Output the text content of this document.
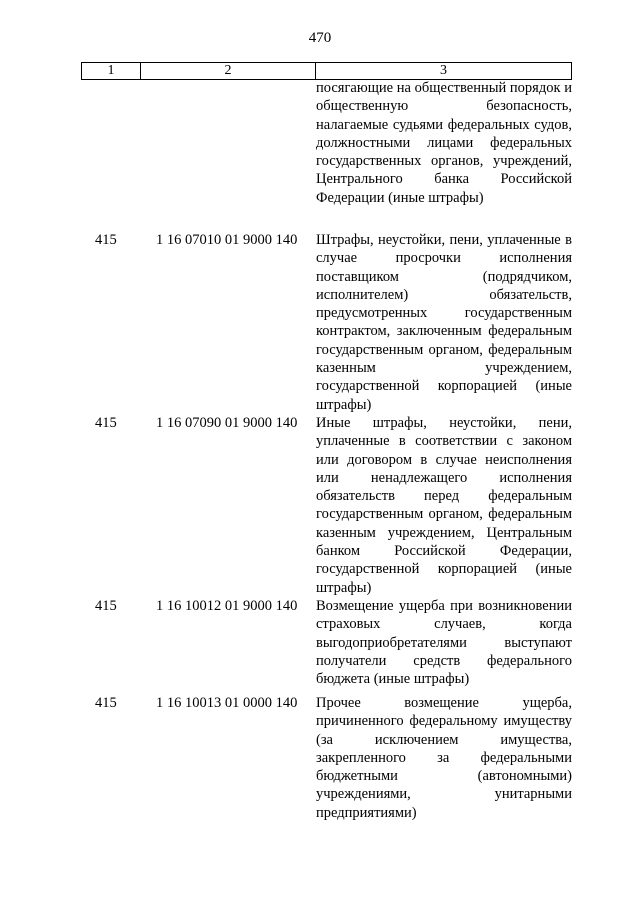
470
1	2	3
посягающие на общественный порядок и общественную безопасность, налагаемые судьями федеральных судов, должностными лицами федеральных государственных органов, учреждений, Центрального банка Российской Федерации (иные штрафы)
415	1 16 07010 01 9000 140 Штрафы, неустойки, пени, уплаченные в случае просрочки исполнения поставщиком (подрядчиком, исполнителем) обязательств, предусмотренных государственным контрактом, заключенным федеральным государственным органом, федеральным казенным учреждением, государственной корпорацией (иные штрафы)
415	1 16 07090 01 9000 140 Иные штрафы, неустойки, пени, уплаченные в соответствии с законом или договором в случае неисполнения или ненадлежащего исполнения обязательств перед федеральным государственным органом, федеральным казенным учреждением, Центральным банком Российской Федерации, государственной корпорацией (иные штрафы)
415	1 16 10012 01 9000 140 Возмещение ущерба при возникновении страховых случаев, когда выгодоприобретателями выступают получатели средств федерального бюджета (иные штрафы)
415	1 16 10013 01 0000 140 Прочее возмещение ущерба, причиненного федеральному имуществу (за исключением имущества, закрепленного за федеральными бюджетными (автономными) учреждениями, унитарными предприятиями)
